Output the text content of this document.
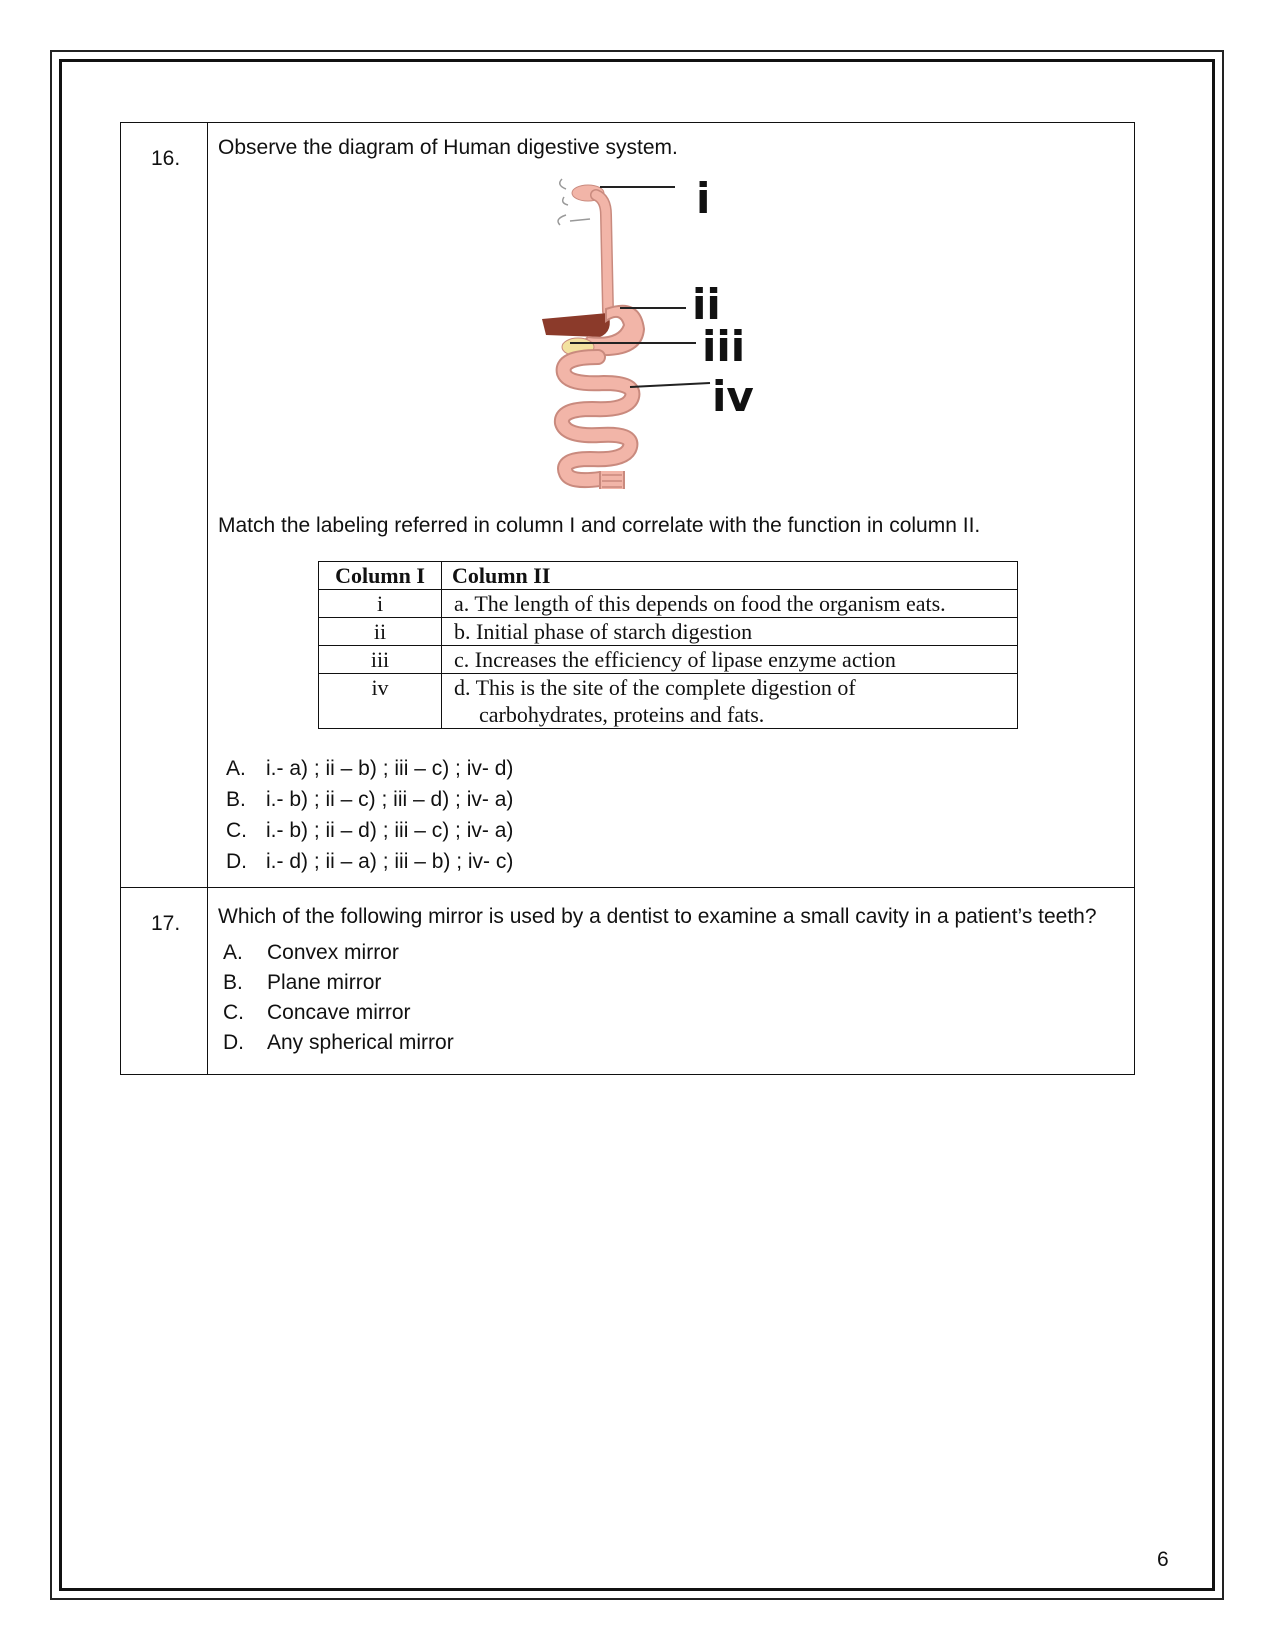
16.	Observe the diagram of Human digestive system.
i
ii
iii
iv
Match the labeling referred in column I and correlate with the function in column II.
Column I	Column II
i	a. The length of this depends on food the organism eats.
ii	b. Initial phase of starch digestion
iii	c. Increases the efficiency of lipase enzyme action
iv	d. This is the site of the complete digestion of
carbohydrates, proteins and fats.
A. i.- a) ; ii – b) ; iii – c) ; iv- d)
B. i.- b) ; ii – c) ; iii – d) ; iv- a)
C. i.- b) ; ii – d) ; iii – c) ; iv- a)
D. i.- d) ; ii – a) ; iii – b) ; iv- c)

17.	Which of the following mirror is used by a dentist to examine a small cavity in a patient’s teeth?
A.	Convex mirror
B.	Plane mirror
C.	Concave mirror
D.	Any spherical mirror
6
